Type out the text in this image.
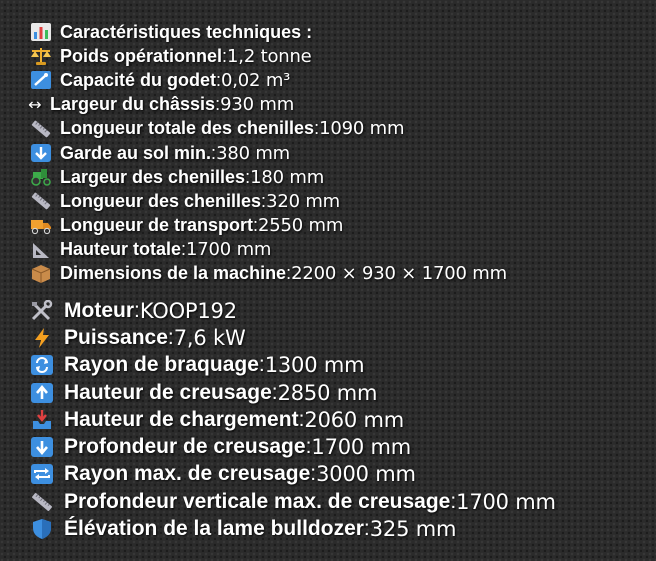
Caractéristiques techniques :
Poids opérationnel : 1,2 tonne
Capacité du godet : 0,02 m³
↔ Largeur du châssis : 930 mm
Longueur totale des chenilles : 1090 mm
Garde au sol min. : 380 mm
Largeur des chenilles : 180 mm
Longueur des chenilles : 320 mm
Longueur de transport : 2550 mm
Hauteur totale : 1700 mm
Dimensions de la machine : 2200 × 930 × 1700 mm
Moteur : KOOP192
Puissance : 7,6 kW
Rayon de braquage : 1300 mm
Hauteur de creusage : 2850 mm
Hauteur de chargement : 2060 mm
Profondeur de creusage : 1700 mm
Rayon max. de creusage : 3000 mm
Profondeur verticale max. de creusage : 1700 mm
Élévation de la lame bulldozer : 325 mm
